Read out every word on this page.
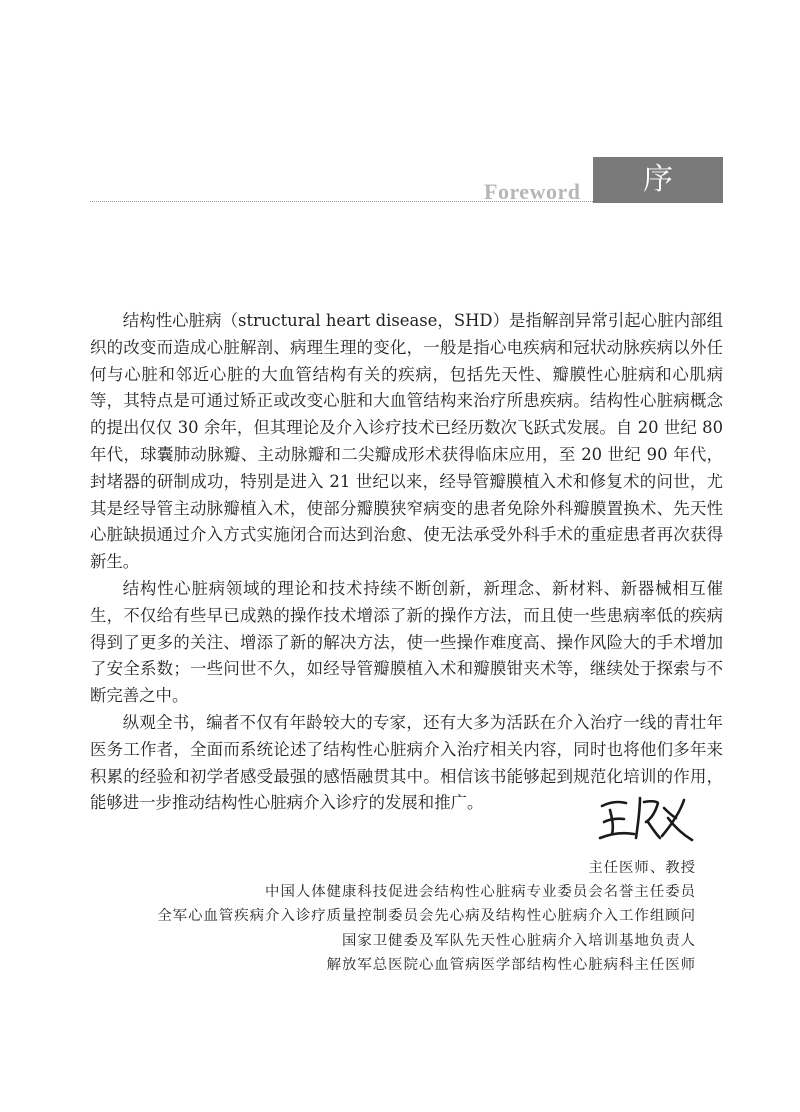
Foreword	序

结构性心脏病（structural heart disease，SHD）是指解剖异常引起心脏内部组织的改变而造成心脏解剖、病理生理的变化，一般是指心电疾病和冠状动脉疾病以外任何与心脏和邻近心脏的大血管结构有关的疾病，包括先天性、瓣膜性心脏病和心肌病等，其特点是可通过矫正或改变心脏和大血管结构来治疗所患疾病。结构性心脏病概念的提出仅仅 30 余年，但其理论及介入诊疗技术已经历数次飞跃式发展。自 20 世纪 80 年代，球囊肺动脉瓣、主动脉瓣和二尖瓣成形术获得临床应用，至 20 世纪 90 年代，封堵器的研制成功，特别是进入 21 世纪以来，经导管瓣膜植入术和修复术的问世，尤其是经导管主动脉瓣植入术，使部分瓣膜狭窄病变的患者免除外科瓣膜置换术、先天性心脏缺损通过介入方式实施闭合而达到治愈、使无法承受外科手术的重症患者再次获得新生。

结构性心脏病领域的理论和技术持续不断创新，新理念、新材料、新器械相互催生，不仅给有些早已成熟的操作技术增添了新的操作方法，而且使一些患病率低的疾病得到了更多的关注、增添了新的解决方法，使一些操作难度高、操作风险大的手术增加了安全系数；一些问世不久，如经导管瓣膜植入术和瓣膜钳夹术等，继续处于探索与不断完善之中。

纵观全书，编者不仅有年龄较大的专家，还有大多为活跃在介入治疗一线的青壮年医务工作者，全面而系统论述了结构性心脏病介入治疗相关内容，同时也将他们多年来积累的经验和初学者感受最强的感悟融贯其中。相信该书能够起到规范化培训的作用，能够进一步推动结构性心脏病介入诊疗的发展和推广。

主任医师、教授
中国人体健康科技促进会结构性心脏病专业委员会名誉主任委员
全军心血管疾病介入诊疗质量控制委员会先心病及结构性心脏病介入工作组顾问
国家卫健委及军队先天性心脏病介入培训基地负责人
解放军总医院心血管病医学部结构性心脏病科主任医师
